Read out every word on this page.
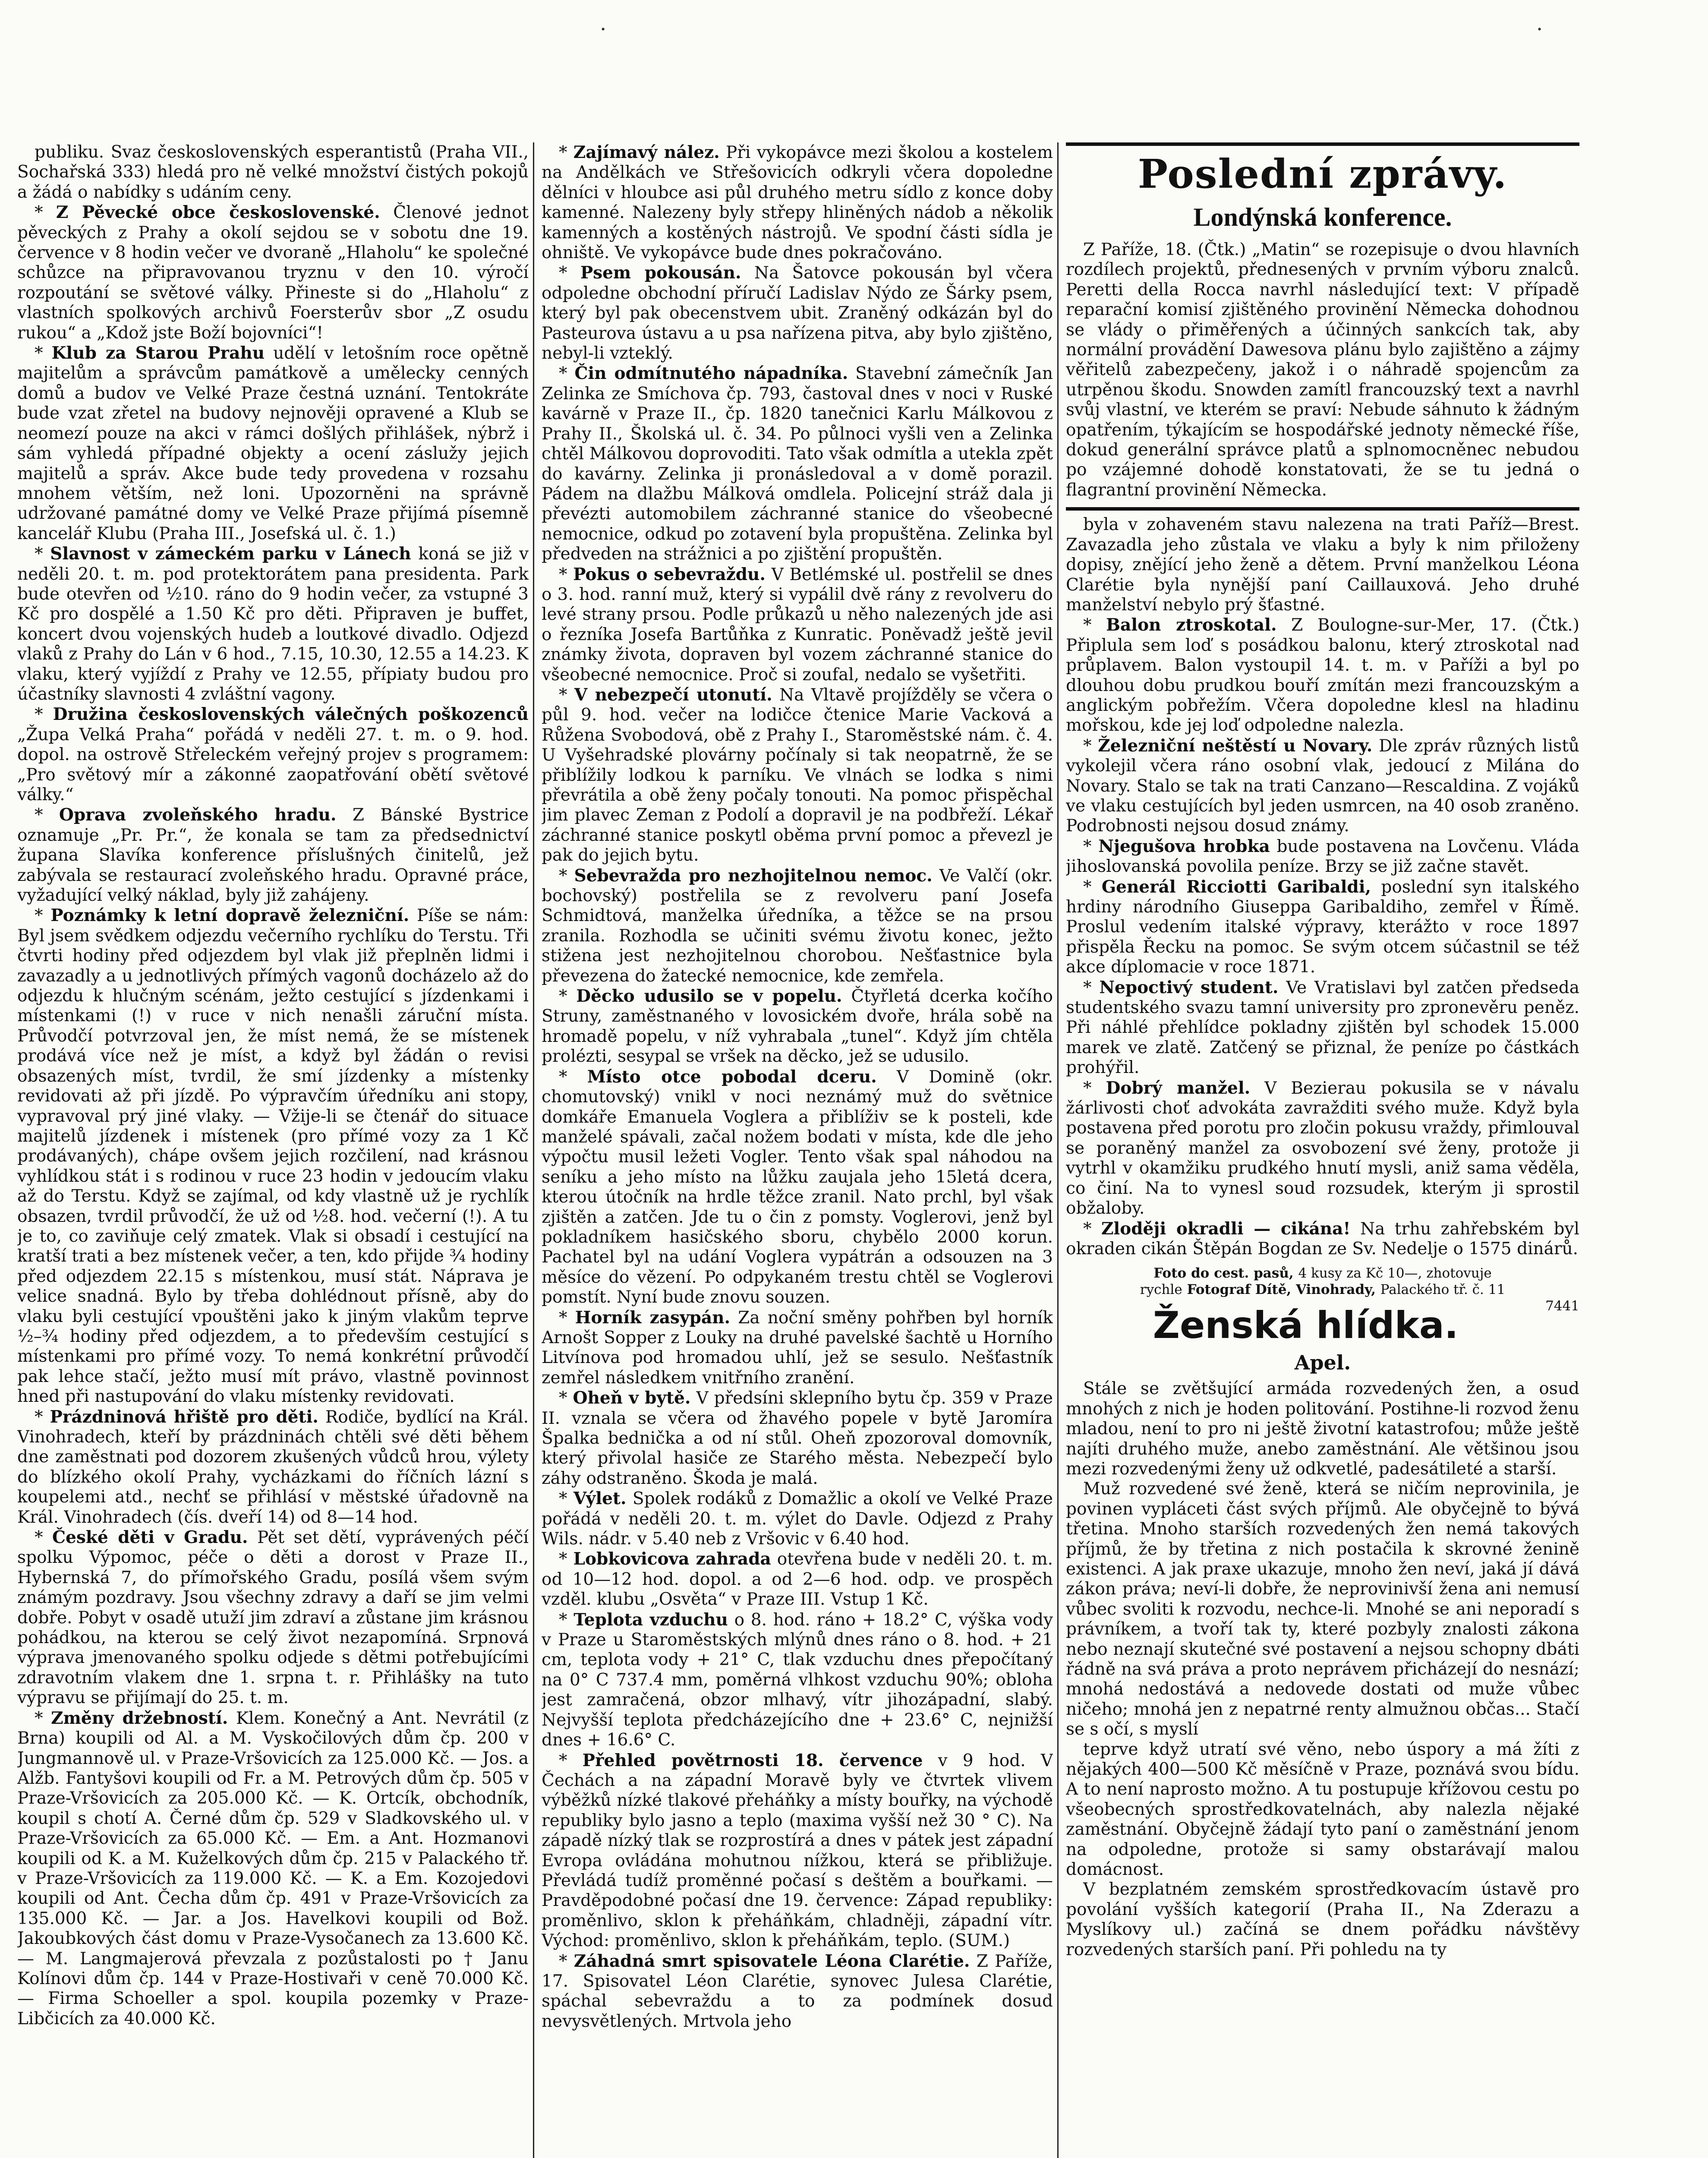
·	·

publiku. Svaz československých esperantistů (Praha VII., Sochařská 333) hledá pro ně velké množství čistých pokojů a žádá o nabídky s udáním ceny.

* Z Pěvecké obce československé. Členové jednot pěveckých z Prahy a okolí sejdou se v sobotu dne 19. července v 8 hodin večer ve dvoraně „Hlaholu“ ke společné schůzce na připravovanou tryznu v den 10. výročí rozpoutání se světové války. Přineste si do „Hlaholu“ z vlastních spolkových archivů Foersterův sbor „Z osudu rukou“ a „Kdož jste Boží bojovníci“!

* Klub za Starou Prahu udělí v letošním roce opětně majitelům a správcům památkově a umělecky cenných domů a budov ve Velké Praze čestná uznání. Tentokráte bude vzat zřetel na budovy nejnověji opravené a Klub se neomezí pouze na akci v rámci došlých přihlášek, nýbrž i sám vyhledá případné objekty a ocení záslužy jejich majitelů a správ. Akce bude tedy provedena v rozsahu mnohem větším, než loni. Upozorněni na správně udržované památné domy ve Velké Praze přijímá písemně kancelář Klubu (Praha III., Josefská ul. č. 1.)

* Slavnost v zámeckém parku v Lánech koná se již v neděli 20. t. m. pod protektorátem pana presidenta. Park bude otevřen od ½10. ráno do 9 hodin večer, za vstupné 3 Kč pro dospělé a 1.50 Kč pro děti. Připraven je buffet, koncert dvou vojenských hudeb a loutkové divadlo. Odjezd vlaků z Prahy do Lán v 6 hod., 7.15, 10.30, 12.55 a 14.23. K vlaku, který vyjíždí z Prahy ve 12.55, přípiaty budou pro účastníky slavnosti 4 zvláštní vagony.

* Družina československých válečných poškozenců „Župa Velká Praha“ pořádá v neděli 27. t. m. o 9. hod. dopol. na ostrově Střeleckém veřejný projev s programem: „Pro světový mír a zákonné zaopatřování obětí světové války.“

* Oprava zvoleňského hradu. Z Bánské Bystrice oznamuje „Pr. Pr.“, že konala se tam za předsednictví župana Slavíka konference příslušných činitelů, jež zabývala se restaurací zvoleňského hradu. Opravné práce, vyžadující velký náklad, byly již zahájeny.

* Poznámky k letní dopravě železniční. Píše se nám: Byl jsem svědkem odjezdu večerního rychlíku do Terstu. Tři čtvrti hodiny před odjezdem byl vlak již přeplněn lidmi i zavazadly a u jednotlivých přímých vagonů docházelo až do odjezdu k hlučným scénám, ježto cestující s jízdenkami i místenkami (!) v ruce v nich nenašli záruční místa. Průvodčí potvrzoval jen, že míst nemá, že se místenek prodává více než je míst, a když byl žádán o revisi obsazených míst, tvrdil, že smí jízdenky a místenky revidovati až při jízdě. Po výpravčím úředníku ani stopy, vypravoval prý jiné vlaky. — Vžije-li se čtenář do situace majitelů jízdenek i místenek (pro přímé vozy za 1 Kč prodávaných), chápe ovšem jejich rozčilení, nad krásnou vyhlídkou stát i s rodinou v ruce 23 hodin v jedoucím vlaku až do Terstu. Když se zajímal, od kdy vlastně už je rychlík obsazen, tvrdil průvodčí, že už od ½8. hod. večerní (!). A tu je to, co zaviňuje celý zmatek. Vlak si obsadí i cestující na kratší trati a bez místenek večer, a ten, kdo přijde ¾ hodiny před odjezdem 22.15 s místenkou, musí stát. Náprava je velice snadná. Bylo by třeba dohlédnout přísně, aby do vlaku byli cestující vpouštěni jako k jiným vlakům teprve ½–¾ hodiny před odjezdem, a to především cestující s místenkami pro přímé vozy. To nemá konkrétní průvodčí pak lehce stačí, ježto musí mít právo, vlastně povinnost hned při nastupování do vlaku místenky revidovati.

* Prázdninová hřiště pro děti. Rodiče, bydlící na Král. Vinohradech, kteří by prázdninách chtěli své děti během dne zaměstnati pod dozorem zkušených vůdců hrou, výlety do blízkého okolí Prahy, vycházkami do říčních lázní s koupelemi atd., nechť se přihlásí v městské úřadovně na Král. Vinohradech (čís. dveří 14) od 8—14 hod.

* České děti v Gradu. Pět set dětí, vyprávených péčí spolku Výpomoc, péče o děti a dorost v Praze II., Hybernská 7, do přímořského Gradu, posílá všem svým známým pozdravy. Jsou všechny zdravy a daří se jim velmi dobře. Pobyt v osadě utuží jim zdraví a zůstane jim krásnou pohádkou, na kterou se celý život nezapomíná. Srpnová výprava jmenovaného spolku odjede s dětmi potřebujícími zdravotním vlakem dne 1. srpna t. r. Přihlášky na tuto výpravu se přijímají do 25. t. m.

* Změny držebností. Klem. Konečný a Ant. Nevrátil (z Brna) koupili od Al. a M. Vyskočilových dům čp. 200 v Jungmannově ul. v Praze-Vršovicích za 125.000 Kč. — Jos. a Alžb. Fantyšovi koupili od Fr. a M. Petrových dům čp. 505 v Praze-Vršovicích za 205.000 Kč. — K. Ortcík, obchodník, koupil s chotí A. Černé dům čp. 529 v Sladkovského ul. v Praze-Vršovicích za 65.000 Kč. — Em. a Ant. Hozmanovi koupili od K. a M. Kuželkových dům čp. 215 v Palackého tř. v Praze-Vršovicích za 119.000 Kč. — K. a Em. Kozojedovi koupili od Ant. Čecha dům čp. 491 v Praze-Vršovicích za 135.000 Kč. — Jar. a Jos. Havelkovi koupili od Bož. Jakoubkových část domu v Praze-Vysočanech za 13.600 Kč. — M. Langmajerová převzala z pozůstalosti po † Janu Kolínovi dům čp. 144 v Praze-Hostivaři v ceně 70.000 Kč. — Firma Schoeller a spol. koupila pozemky v Praze-Libčicích za 40.000 Kč.

* Zajímavý nález. Při vykopávce mezi školou a kostelem na Andělkách ve Střešovicích odkryli včera dopoledne dělníci v hloubce asi půl druhého metru sídlo z konce doby kamenné. Nalezeny byly střepy hliněných nádob a několik kamenných a kostěných nástrojů. Ve spodní části sídla je ohniště. Ve vykopávce bude dnes pokračováno.

* Psem pokousán. Na Šatovce pokousán byl včera odpoledne obchodní příručí Ladislav Nýdo ze Šárky psem, který byl pak obecenstvem ubit. Zraněný odkázán byl do Pasteurova ústavu a u psa nařízena pitva, aby bylo zjištěno, nebyl-li vzteklý.

* Čin odmítnutého nápadníka. Stavební zámečník Jan Zelinka ze Smíchova čp. 793, častoval dnes v noci v Ruské kavárně v Praze II., čp. 1820 tanečnici Karlu Málkovou z Prahy II., Školská ul. č. 34. Po půlnoci vyšli ven a Zelinka chtěl Málkovou doprovoditi. Tato však odmítla a utekla zpět do kavárny. Zelinka ji pronásledoval a v domě porazil. Pádem na dlažbu Málková omdlela. Policejní stráž dala ji převézti automobilem záchranné stanice do všeobecné nemocnice, odkud po zotavení byla propuštěna. Zelinka byl předveden na strážnici a po zjištění propuštěn.

* Pokus o sebevraždu. V Betlémské ul. postřelil se dnes o 3. hod. ranní muž, který si vypálil dvě rány z revolveru do levé strany prsou. Podle průkazů u něho nalezených jde asi o řezníka Josefa Bartůňka z Kunratic. Poněvadž ještě jevil známky života, dopraven byl vozem záchranné stanice do všeobecné nemocnice. Proč si zoufal, nedalo se vyšetřiti.

* V nebezpečí utonutí. Na Vltavě projížděly se včera o půl 9. hod. večer na lodičce čtenice Marie Vacková a Růžena Svobodová, obě z Prahy I., Staroměstské nám. č. 4. U Vyšehradské plovárny počínaly si tak neopatrně, že se přiblížily lodkou k parníku. Ve vlnách se lodka s nimi převrátila a obě ženy počaly tonouti. Na pomoc přispěchal jim plavec Zeman z Podolí a dopravil je na podbřeží. Lékař záchranné stanice poskytl oběma první pomoc a převezl je pak do jejich bytu.

* Sebevražda pro nezhojitelnou nemoc. Ve Valčí (okr. bochovský) postřelila se z revolveru paní Josefa Schmidtová, manželka úředníka, a těžce se na prsou zranila. Rozhodla se učiniti svému životu konec, ježto stižena jest nezhojitelnou chorobou. Nešťastnice byla převezena do žatecké nemocnice, kde zemřela.

* Děcko udusilo se v popelu. Čtyřletá dcerka kočího Struny, zaměstnaného v lovosickém dvoře, hrála sobě na hromadě popelu, v níž vyhrabala „tunel“. Když jím chtěla prolézti, sesypal se vršek na děcko, jež se udusilo.

* Místo otce pobodal dceru. V Domině (okr. chomutovský) vnikl v noci neznámý muž do světnice domkáře Emanuela Voglera a přiblíživ se k posteli, kde manželé spávali, začal nožem bodati v místa, kde dle jeho výpočtu musil ležeti Vogler. Tento však spal náhodou na seníku a jeho místo na lůžku zaujala jeho 15letá dcera, kterou útočník na hrdle těžce zranil. Nato prchl, byl však zjištěn a zatčen. Jde tu o čin z pomsty. Voglerovi, jenž byl pokladníkem hasičského sboru, chybělo 2000 korun. Pachatel byl na udání Voglera vypátrán a odsouzen na 3 měsíce do vězení. Po odpykaném trestu chtěl se Voglerovi pomstít. Nyní bude znovu souzen.

* Horník zasypán. Za noční směny pohřben byl horník Arnošt Sopper z Louky na druhé pavelské šachtě u Horního Litvínova pod hromadou uhlí, jež se sesulo. Nešťastník zemřel následkem vnitřního zranění.

* Oheň v bytě. V předsíni sklepního bytu čp. 359 v Praze II. vznala se včera od žhavého popele v bytě Jaromíra Špalka bednička a od ní stůl. Oheň zpozoroval domovník, který přivolal hasiče ze Starého města. Nebezpečí bylo záhy odstraněno. Škoda je malá.

* Výlet. Spolek rodáků z Domažlic a okolí ve Velké Praze pořádá v neděli 20. t. m. výlet do Davle. Odjezd z Prahy Wils. nádr. v 5.40 neb z Vršovic v 6.40 hod.

* Lobkovicova zahrada otevřena bude v neděli 20. t. m. od 10—12 hod. dopol. a od 2—6 hod. odp. ve prospěch vzděl. klubu „Osvěta“ v Praze III. Vstup 1 Kč.

* Teplota vzduchu o 8. hod. ráno + 18.2° C, výška vody v Praze u Staroměstských mlýnů dnes ráno o 8. hod. + 21 cm, teplota vody + 21° C, tlak vzduchu dnes přepočítaný na 0° C 737.4 mm, poměrná vlhkost vzduchu 90%; obloha jest zamračená, obzor mlhavý, vítr jihozápadní, slabý. Nejvyšší teplota předcházejícího dne + 23.6° C, nejnižší dnes + 16.6° C.

* Přehled povětrnosti 18. července v 9 hod. V Čechách a na západní Moravě byly ve čtvrtek vlivem výběžků nízké tlakové přeháňky a místy bouřky, na východě republiky bylo jasno a teplo (maxima vyšší než 30 ° C). Na západě nízký tlak se rozprostírá a dnes v pátek jest západní Evropa ovládána mohutnou nížkou, která se přibližuje. Převládá tudíž proměnné počasí s deštěm a bouřkami. — Pravděpodobné počasí dne 19. července: Západ republiky: proměnlivo, sklon k přeháňkám, chladněji, západní vítr. Východ: proměnlivo, sklon k přeháňkám, teplo. (SUM.)

* Záhadná smrt spisovatele Léona Clarétie. Z Paříže, 17. Spisovatel Léon Clarétie, synovec Julesa Clarétie, spáchal sebevraždu a to za podmínek dosud nevysvětlených. Mrtvola jeho

Poslední zprávy.

Londýnská konference.

Z Paříže, 18. (Čtk.) „Matin“ se rozepisuje o dvou hlavních rozdílech projektů, přednesených v prvním výboru znalců. Peretti della Rocca navrhl následující text: V případě reparační komisí zjištěného provinění Německa dohodnou se vlády o přiměřených a účinných sankcích tak, aby normální provádění Dawesova plánu bylo zajištěno a zájmy věřitelů zabezpečeny, jakož i o náhradě spojencům za utrpěnou škodu. Snowden zamítl francouzský text a navrhl svůj vlastní, ve kterém se praví: Nebude sáhnuto k žádným opatřením, týkajícím se hospodářské jednoty německé říše, dokud generální správce platů a splnomocněnec nebudou po vzájemné dohodě konstatovati, že se tu jedná o flagrantní provinění Německa.

byla v zohaveném stavu nalezena na trati Paříž—Brest. Zavazadla jeho zůstala ve vlaku a byly k nim přiloženy dopisy, znějící jeho ženě a dětem. První manželkou Léona Clarétie byla nynější paní Caillauxová. Jeho druhé manželství nebylo prý šťastné.

* Balon ztroskotal. Z Boulogne-sur-Mer, 17. (Čtk.) Připlula sem loď s posádkou balonu, který ztroskotal nad průplavem. Balon vystoupil 14. t. m. v Paříži a byl po dlouhou dobu prudkou bouří zmítán mezi francouzským a anglickým pobřežím. Včera dopoledne klesl na hladinu mořskou, kde jej loď odpoledne nalezla.

* Železniční neštěstí u Novary. Dle zpráv různých listů vykolejil včera ráno osobní vlak, jedoucí z Milána do Novary. Stalo se tak na trati Canzano—Rescaldina. Z vojáků ve vlaku cestujících byl jeden usmrcen, na 40 osob zraněno. Podrobnosti nejsou dosud známy.

* Njegušova hrobka bude postavena na Lovčenu. Vláda jihoslovanská povolila peníze. Brzy se již začne stavět.

* Generál Ricciotti Garibaldi, poslední syn italského hrdiny národního Giuseppa Garibaldiho, zemřel v Římě. Proslul vedením italské výpravy, kterážto v roce 1897 přispěla Řecku na pomoc. Se svým otcem súčastnil se též akce díplomacie v roce 1871.

* Nepoctivý student. Ve Vratislavi byl zatčen předseda studentského svazu tamní university pro zpronevěru peněz. Při náhlé přehlídce pokladny zjištěn byl schodek 15.000 marek ve zlatě. Zatčený se přiznal, že peníze po částkách prohýřil.

* Dobrý manžel. V Bezierau pokusila se v návalu žárlivosti choť advokáta zavražditi svého muže. Když byla postavena před porotu pro zločin pokusu vraždy, přimlouval se poraněný manžel za osvobození své ženy, protože ji vytrhl v okamžiku prudkého hnutí mysli, aniž sama věděla, co činí. Na to vynesl soud rozsudek, kterým ji sprostil obžaloby.

* Zloději okradli — cikána! Na trhu zahřebském byl okraden cikán Štěpán Bogdan ze Sv. Nedelje o 1575 dinárů.

Foto do cest. pasů, 4 kusy za Kč 10—, zhotovuje
rychle Fotograf Dítě, Vinohrady, Palackého tř. č. 11

7441

Ženská hlídka.

Apel.

Stále se zvětšující armáda rozvedených žen, a osud mnohých z nich je hoden politování. Postihne-li rozvod ženu mladou, není to pro ni ještě životní katastrofou; může ještě najíti druhého muže, anebo zaměstnání. Ale většinou jsou mezi rozvedenými ženy už odkvetlé, padesátileté a starší.

Muž rozvedené své ženě, která se ničím neprovinila, je povinen vypláceti část svých příjmů. Ale obyčejně to bývá třetina. Mnoho starších rozvedených žen nemá takových příjmů, že by třetina z nich postačila k skrovné ženině existenci. A jak praxe ukazuje, mnoho žen neví, jaká jí dává zákon práva; neví-li dobře, že neprovinivší žena ani nemusí vůbec svoliti k rozvodu, nechce-li. Mnohé se ani neporadí s právníkem, a tvoří tak ty, které pozbyly znalosti zákona nebo neznají skutečné své postavení a nejsou schopny dbáti řádně na svá práva a proto neprávem přicházejí do nesnází; mnohá nedostává a nedovede dostati od muže vůbec ničeho; mnohá jen z nepatrné renty almužnou občas... Stačí se s očí, s myslí

teprve když utratí své věno, nebo úspory a má žíti z nějakých 400—500 Kč měsíčně v Praze, poznává svou bídu. A to není naprosto možno. A tu postupuje křížovou cestu po všeobecných sprostředkovatelnách, aby nalezla nějaké zaměstnání. Obyčejně žádají tyto paní o zaměstnání jenom na odpoledne, protože si samy obstarávají malou domácnost.

V bezplatném zemském sprostředkovacím ústavě pro povolání vyšších kategorií (Praha II., Na Zderazu a Myslíkovy ul.) začíná se dnem pořádku návštěvy rozvedených starších paní. Při pohledu na ty
